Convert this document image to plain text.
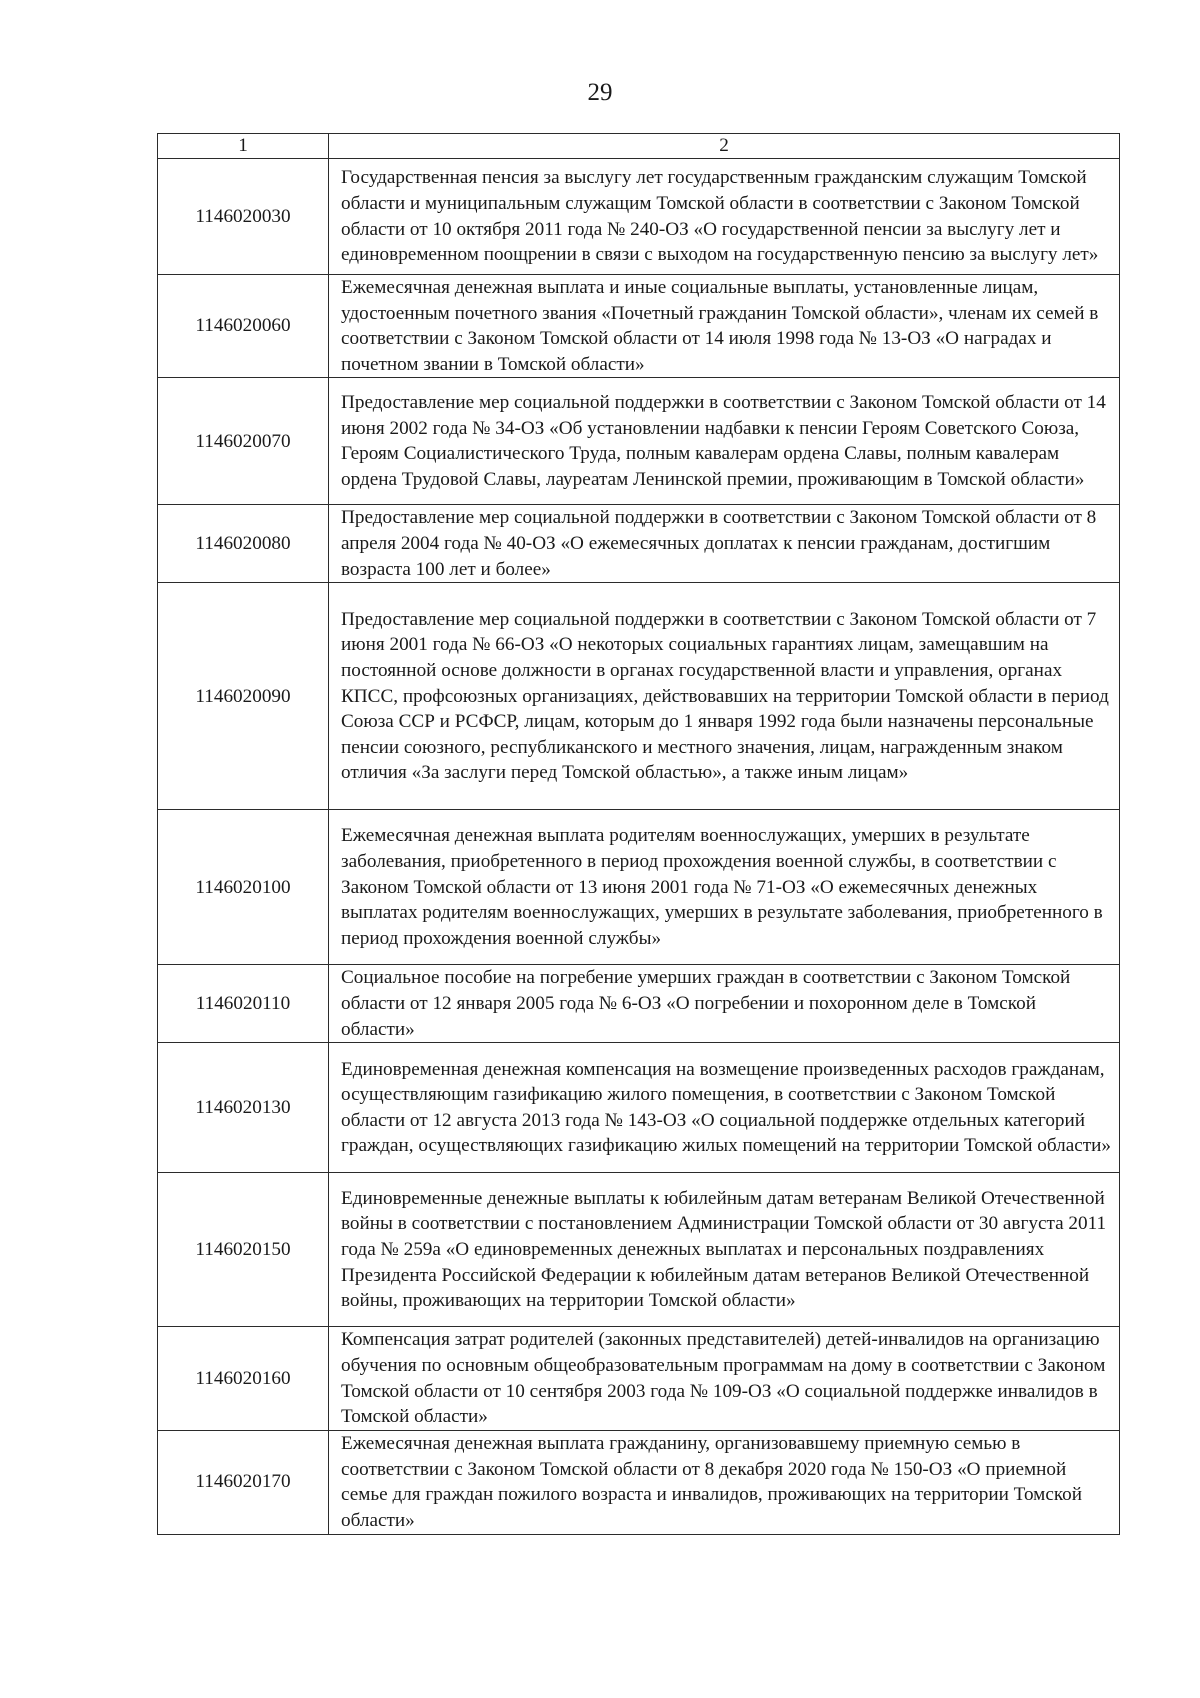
29
1	2
1146020030	Государственная пенсия за выслугу лет государственным гражданским служащим Томской области и муниципальным служащим Томской области в соответствии с Законом Томской области от 10 октября 2011 года № 240-ОЗ «О государственной пенсии за выслугу лет и единовременном поощрении в связи с выходом на государственную пенсию за выслугу лет»
1146020060	Ежемесячная денежная выплата и иные социальные выплаты, установленные лицам, удостоенным почетного звания «Почетный гражданин Томской области», членам их семей в соответствии с Законом Томской области от 14 июля 1998 года № 13-ОЗ «О наградах и почетном звании в Томской области»
1146020070	Предоставление мер социальной поддержки в соответствии с Законом Томской области от 14 июня 2002 года № 34-ОЗ «Об установлении надбавки к пенсии Героям Советского Союза, Героям Социалистического Труда, полным кавалерам ордена Славы, полным кавалерам ордена Трудовой Славы, лауреатам Ленинской премии, проживающим в Томской области»
1146020080	Предоставление мер социальной поддержки в соответствии с Законом Томской области от 8 апреля 2004 года № 40-ОЗ «О ежемесячных доплатах к пенсии гражданам, достигшим возраста 100 лет и более»
1146020090	Предоставление мер социальной поддержки в соответствии с Законом Томской области от 7 июня 2001 года № 66-ОЗ «О некоторых социальных гарантиях лицам, замещавшим на постоянной основе должности в органах государственной власти и управления, органах КПСС, профсоюзных организациях, действовавших на территории Томской области в период Союза ССР и РСФСР, лицам, которым до 1 января 1992 года были назначены персональные пенсии союзного, республиканского и местного значения, лицам, награжденным знаком отличия «За заслуги перед Томской областью», а также иным лицам»
1146020100	Ежемесячная денежная выплата родителям военнослужащих, умерших в результате заболевания, приобретенного в период прохождения военной службы, в соответствии с Законом Томской области от 13 июня 2001 года № 71-ОЗ «О ежемесячных денежных выплатах родителям военнослужащих, умерших в результате заболевания, приобретенного в период прохождения военной службы»
1146020110	Социальное пособие на погребение умерших граждан в соответствии с Законом Томской области от 12 января 2005 года № 6-ОЗ «О погребении и похоронном деле в Томской области»
1146020130	Единовременная денежная компенсация на возмещение произведенных расходов гражданам, осуществляющим газификацию жилого помещения, в соответствии с Законом Томской области от 12 августа 2013 года № 143-ОЗ «О социальной поддержке отдельных категорий граждан, осуществляющих газификацию жилых помещений на территории Томской области»
1146020150	Единовременные денежные выплаты к юбилейным датам ветеранам Великой Отечественной войны в соответствии с постановлением Администрации Томской области от 30 августа 2011 года № 259а «О единовременных денежных выплатах и персональных поздравлениях Президента Российской Федерации к юбилейным датам ветеранов Великой Отечественной войны, проживающих на территории Томской области»
1146020160	Компенсация затрат родителей (законных представителей) детей-инвалидов на организацию обучения по основным общеобразовательным программам на дому в соответствии с Законом Томской области от 10 сентября 2003 года № 109-ОЗ «О социальной поддержке инвалидов в Томской области»
1146020170	Ежемесячная денежная выплата гражданину, организовавшему приемную семью в соответствии с Законом Томской области от 8 декабря 2020 года № 150-ОЗ «О приемной семье для граждан пожилого возраста и инвалидов, проживающих на территории Томской области»
